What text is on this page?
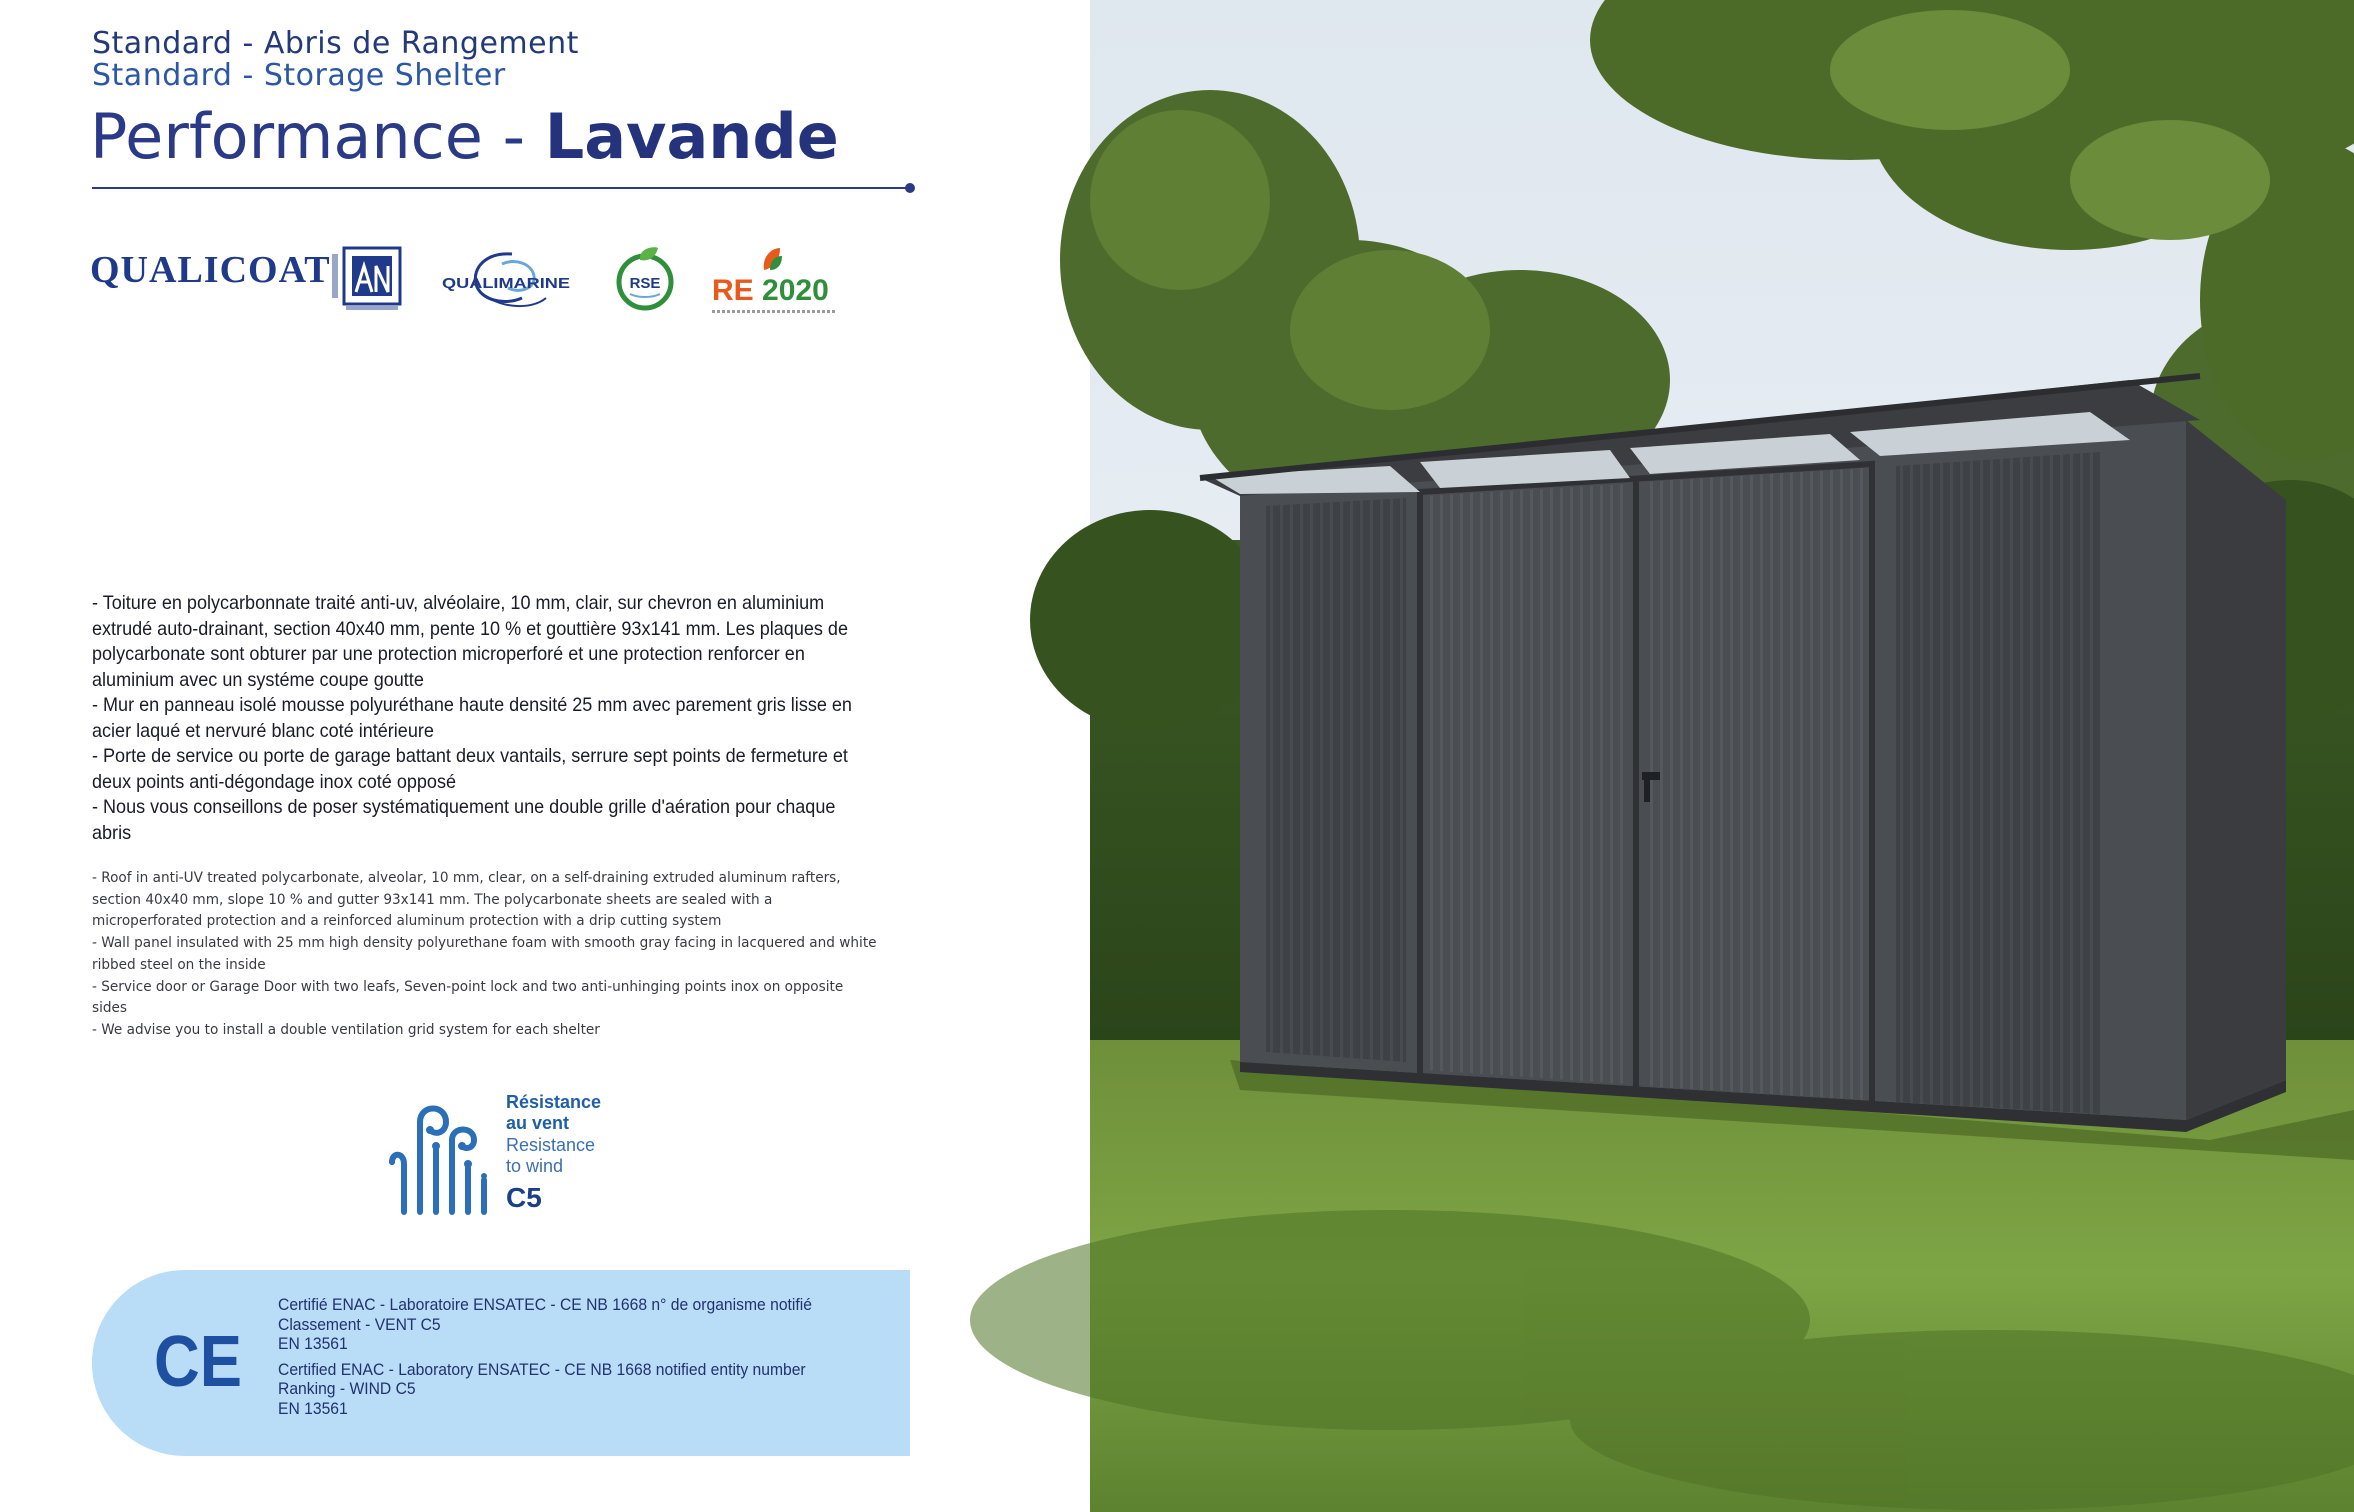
Standard - Abris de Rangement
Standard - Storage Shelter
Performance - Lavande
QUALICOAT
	QUALIMARINE	RSE RE 2020
- Toiture en polycarbonnate traité anti-uv, alvéolaire, 10 mm, clair, sur chevron en aluminium extrudé auto-drainant, section 40x40 mm, pente 10 % et gouttière 93x141 mm. Les plaques de polycarbonate sont obturer par une protection microperforé et une protection renforcer en aluminium avec un systéme coupe goutte
- Mur en panneau isolé mousse polyuréthane haute densité 25 mm avec parement gris lisse en acier laqué et nervuré blanc coté intérieure
- Porte de service ou porte de garage battant deux vantails, serrure sept points de fermeture et deux points anti-dégondage inox coté opposé
- Nous vous conseillons de poser systématiquement une double grille d'aération pour chaque abris
- Roof in anti-UV treated polycarbonate, alveolar, 10 mm, clear, on a self-draining extruded aluminum rafters, section 40x40 mm, slope 10 % and gutter 93x141 mm. The polycarbonate sheets are sealed with a microperforated protection and a reinforced aluminum protection with a drip cutting system
- Wall panel insulated with 25 mm high density polyurethane foam with smooth gray facing in lacquered and white ribbed steel on the inside
- Service door or Garage Door with two leafs, Seven-point lock and two anti-unhinging points inox on opposite sides
- We advise you to install a double ventilation grid system for each shelter
Résistance
au vent
Resistance
to wind
C5
CE
Certifié ENAC - Laboratoire ENSATEC - CE NB 1668 n° de organisme notifié
Classement - VENT C5
EN 13561
Certified ENAC - Laboratory ENSATEC - CE NB 1668 notified entity number
Ranking - WIND C5
EN 13561
